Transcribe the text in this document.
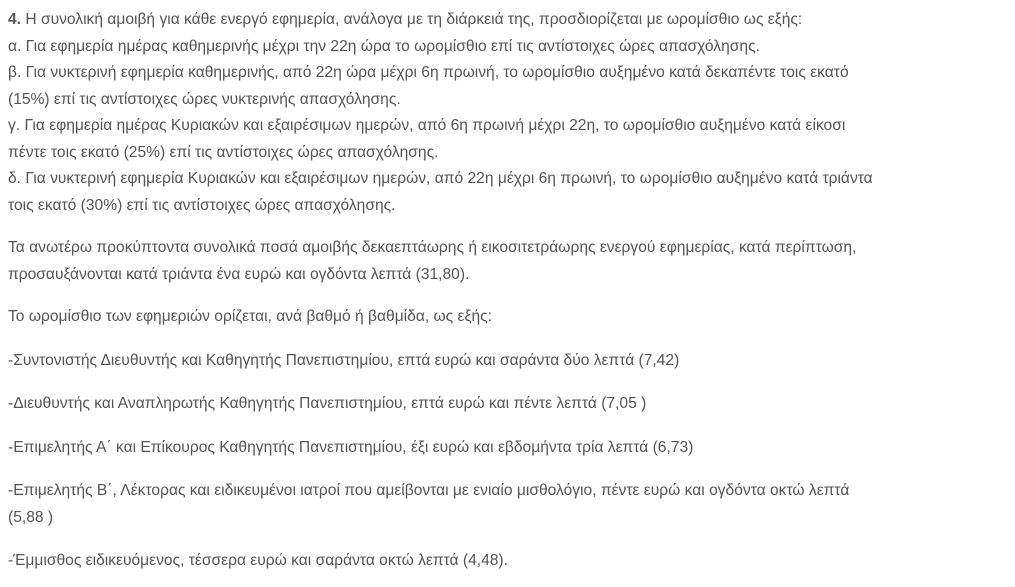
4. Η συνολική αμοιβή για κάθε ενεργό εφημερία, ανάλογα με τη διάρκειά της, προσδιορίζεται με ωρομίσθιο ως εξής:
α. Για εφημερία ημέρας καθημερινής μέχρι την 22η ώρα το ωρομίσθιο επί τις αντίστοιχες ώρες απασχόλησης.
β. Για νυκτερινή εφημερία καθημερινής, από 22η ώρα μέχρι 6η πρωινή, το ωρομίσθιο αυξημένο κατά δεκαπέντε τοις εκατό
(15%) επί τις αντίστοιχες ώρες νυκτερινής απασχόλησης.
γ. Για εφημερία ημέρας Κυριακών και εξαιρέσιμων ημερών, από 6η πρωινή μέχρι 22η, το ωρομίσθιο αυξημένο κατά είκοσι
πέντε τοις εκατό (25%) επί τις αντίστοιχες ώρες απασχόλησης.
δ. Για νυκτερινή εφημερία Κυριακών και εξαιρέσιμων ημερών, από 22η μέχρι 6η πρωινή, το ωρομίσθιο αυξημένο κατά τριάντα
τοις εκατό (30%) επί τις αντίστοιχες ώρες απασχόλησης.
Τα ανωτέρω προκύπτοντα συνολικά ποσά αμοιβής δεκαεπτάωρης ή εικοσιτετράωρης ενεργού εφημερίας, κατά περίπτωση,
προσαυξάνονται κατά τριάντα ένα ευρώ και ογδόντα λεπτά (31,80).
Το ωρομίσθιο των εφημεριών ορίζεται, ανά βαθμό ή βαθμίδα, ως εξής:
-Συντονιστής Διευθυντής και Καθηγητής Πανεπιστημίου, επτά ευρώ και σαράντα δύο λεπτά (7,42)
-Διευθυντής και Αναπληρωτής Καθηγητής Πανεπιστημίου, επτά ευρώ και πέντε λεπτά (7,05 )
-Επιμελητής Α΄ και Επίκουρος Καθηγητής Πανεπιστημίου, έξι ευρώ και εβδομήντα τρία λεπτά (6,73)
-Επιμελητής Β΄, Λέκτορας και ειδικευμένοι ιατροί που αμείβονται με ενιαίο μισθολόγιο, πέντε ευρώ και ογδόντα οκτώ λεπτά
(5,88 )
-Έμμισθος ειδικευόμενος, τέσσερα ευρώ και σαράντα οκτώ λεπτά (4,48).
